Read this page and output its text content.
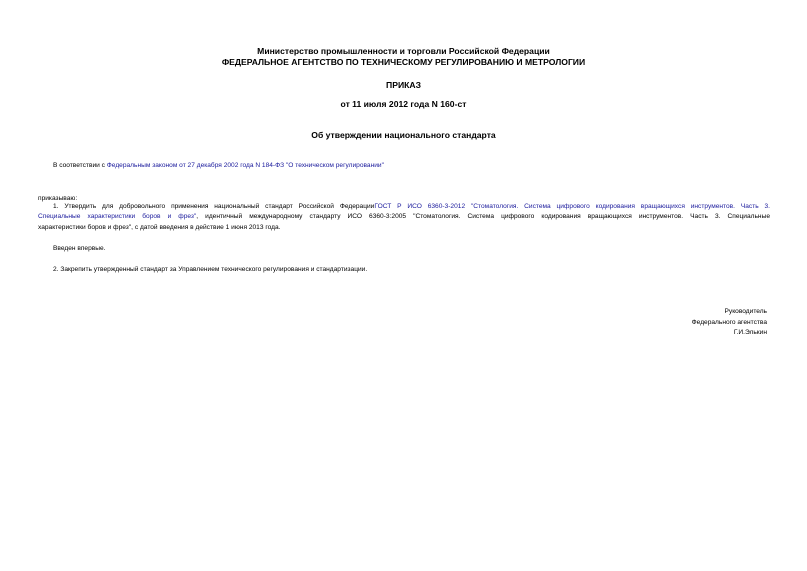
Министерство промышленности и торговли Российской Федерации
ФЕДЕРАЛЬНОЕ АГЕНТСТВО ПО ТЕХНИЧЕСКОМУ РЕГУЛИРОВАНИЮ И МЕТРОЛОГИИ
ПРИКАЗ
от 11 июля 2012 года N 160-ст
Об утверждении национального стандарта
В соответствии с Федеральным законом от 27 декабря 2002 года N 184-ФЗ "О техническом регулировании"
приказываю:
1. Утвердить для добровольного применения национальный стандарт Российской ФедерацииГОСТ Р ИСО 6360-3-2012 "Стоматология. Система цифрового кодирования вращающихся инструментов. Часть 3.
Специальные характеристики боров и фрез", идентичный международному стандарту ИСО 6360-3:2005 "Стоматология. Система цифрового кодирования вращающихся инструментов. Часть 3. Специальные
характеристики боров и фрез", с датой введения в действие 1 июня 2013 года.
Введен впервые.
2. Закрепить утвержденный стандарт за Управлением технического регулирования и стандартизации.
Руководитель
Федерального агентства
Г.И.Элькин
